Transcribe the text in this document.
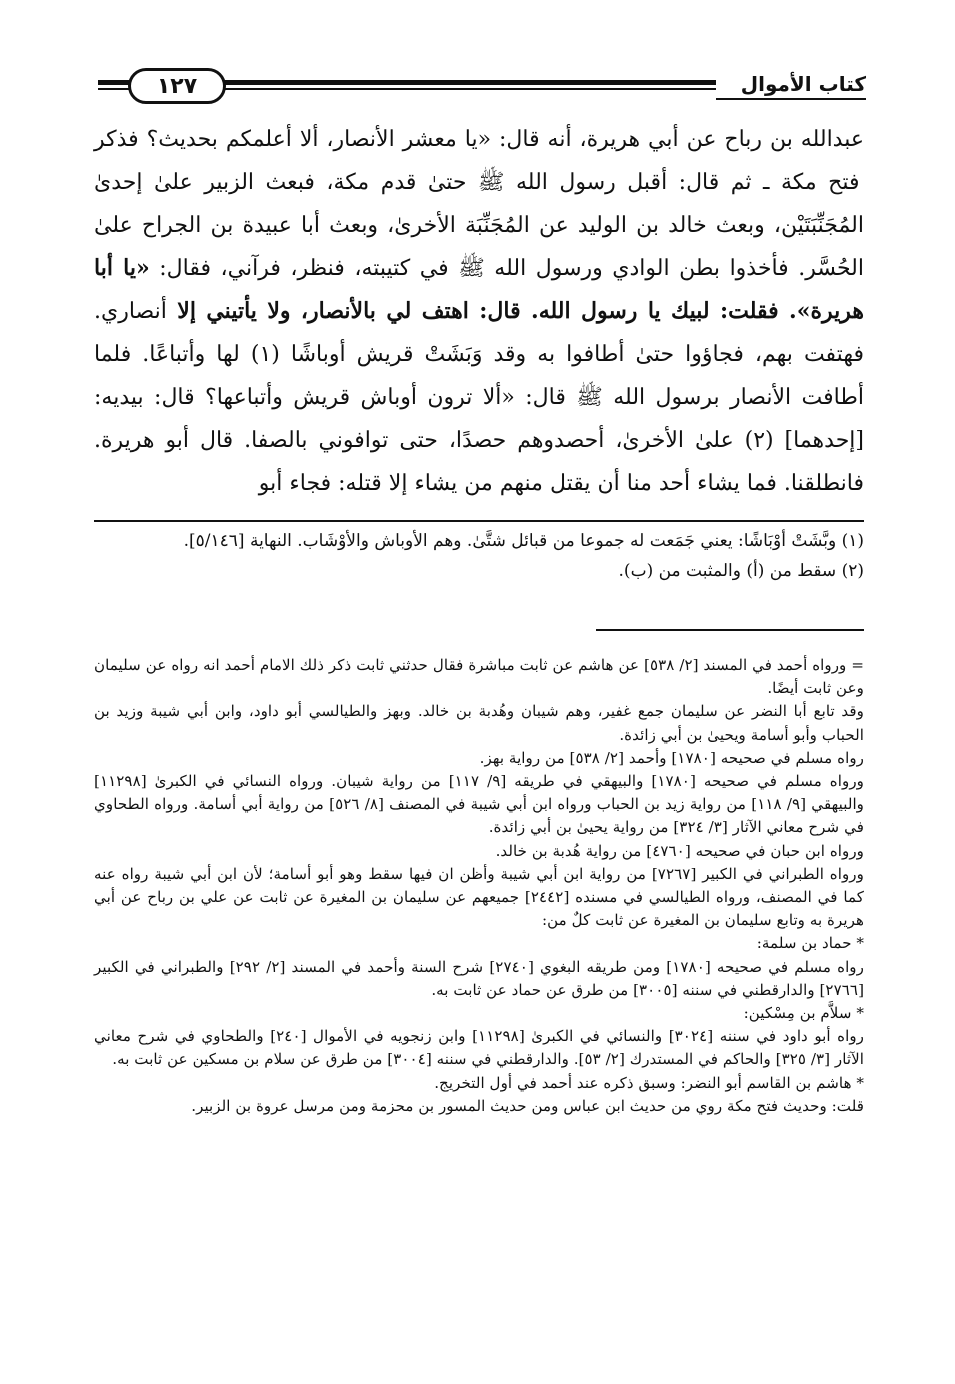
كتاب الأموال
١٢٧

عبدالله بن رباح عن أبي هريرة، أنه قال: «يا معشر الأنصار، ألا أعلمكم بحديث؟ فذكر فتح مكة ـ ثم قال: أقبل رسول الله ﷺ حتىٰ قدم مكة، فبعث الزبير علىٰ إحدىٰ المُجَنِّبَتَيْن، وبعث خالد بن الوليد عن المُجَنِّبَة الأخرىٰ، وبعث أبا عبيدة بن الجراح علىٰ الحُسَّر. فأخذوا بطن الوادي ورسول الله ﷺ في كتيبته، فنظر، فرآني، فقال: «يا أبا هريرة». فقلت: لبيك يا رسول الله. قال: اهتف لي بالأنصار، ولا يأتيني إلا أنصاري. فهتفت بهم، فجاؤوا حتىٰ أطافوا به وقد وَبَشَتْ قريش أوباشًا (١) لها وأتباعًا. فلما أطافت الأنصار برسول الله ﷺ قال: «ألا ترون أوباش قريش وأتباعها؟ قال: بيديه: [إحدهما] (٢) علىٰ الأخرىٰ، أحصدوهم حصدًا، حتى توافوني بالصفا. قال أبو هريرة. فانطلقنا. فما يشاء أحد منا أن يقتل منهم من يشاء إلا قتله: فجاء أبو

(١) وبَّشَتْ أوْبَاشًا: يعني جَمَعت له جموعا من قبائل شتَّىٰ. وهم الأوباش والأوْشَاب. النهاية [٥/١٤٦].

(٢) سقط من (أ) والمثبت من (ب).

= ورواه أحمد في المسند [٢/ ٥٣٨] عن هاشم عن ثابت مباشرة فقال حدثني ثابت ذكر ذلك الامام أحمد انه رواه عن سليمان وعن ثابت أيضًا.

وقد تابع أبا النضر عن سليمان جمع غفير، وهم شيبان وهُدبة بن خالد. وبهز والطيالسي أبو داود، وابن أبي شيبة وزيد بن الحباب وأبو أسامة ويحيىٰ بن أبي زائدة.

رواه مسلم في صحيحه [١٧٨٠] وأحمد [٢/ ٥٣٨] من رواية بهز.

ورواه مسلم في صحيحه [١٧٨٠] والبيهقي في طريقه [٩/ ١١٧] من رواية شيبان. ورواه النسائي في الكبرىٰ [١١٢٩٨] والبيهقي [٩/ ١١٨] من رواية زيد بن الحباب ورواه ابن أبي شيبة في المصنف [٨/ ٥٢٦] من رواية أبي أسامة. ورواه الطحاوي في شرح معاني الآثار [٣/ ٣٢٤] من رواية يحيىٰ بن أبي زائدة.

ورواه ابن حبان في صحيحه [٤٧٦٠] من رواية هُدبة بن خالد.

ورواه الطبراني في الكبير [٧٢٦٧] من رواية ابن أبي شيبة وأظن ان فيها سقط وهو أبو أسامة؛ لأن ابن أبي شيبة رواه عنه كما في المصنف، ورواه الطيالسي في مسنده [٢٤٤٢] جميعهم عن سليمان بن المغيرة عن ثابت عن علي بن رباح عن أبي هريرة به وتابع سليمان بن المغيرة عن ثابت كلٌ من:

* حماد بن سلمة:

رواه مسلم في صحيحه [١٧٨٠] ومن طريقه البغوي [٢٧٤٠] شرح السنة وأحمد في المسند [٢/ ٢٩٢] والطبراني في الكبير [٢٧٦٦] والدارقطني في سننه [٣٠٠٥] من طرق عن حماد عن ثابت به.

* سلاَّم بن مِسْكين:

رواه أبو داود في سننه [٣٠٢٤] والنسائي في الكبرىٰ [١١٢٩٨] وابن زنجويه في الأموال [٢٤٠] والطحاوي في شرح معاني الآثار [٣/ ٣٢٥] والحاكم في المستدرك [٢/ ٥٣]. والدارقطني في سننه [٣٠٠٤] من طرق عن سلام بن مسكين عن ثابت به.

* هاشم بن القاسم أبو النضر: وسبق ذكره عند أحمد في أول التخريج.

قلت: وحديث فتح مكة روي من حديث ابن عباس ومن حديث المسور بن محزمة ومن مرسل عروة بن الزبير.
